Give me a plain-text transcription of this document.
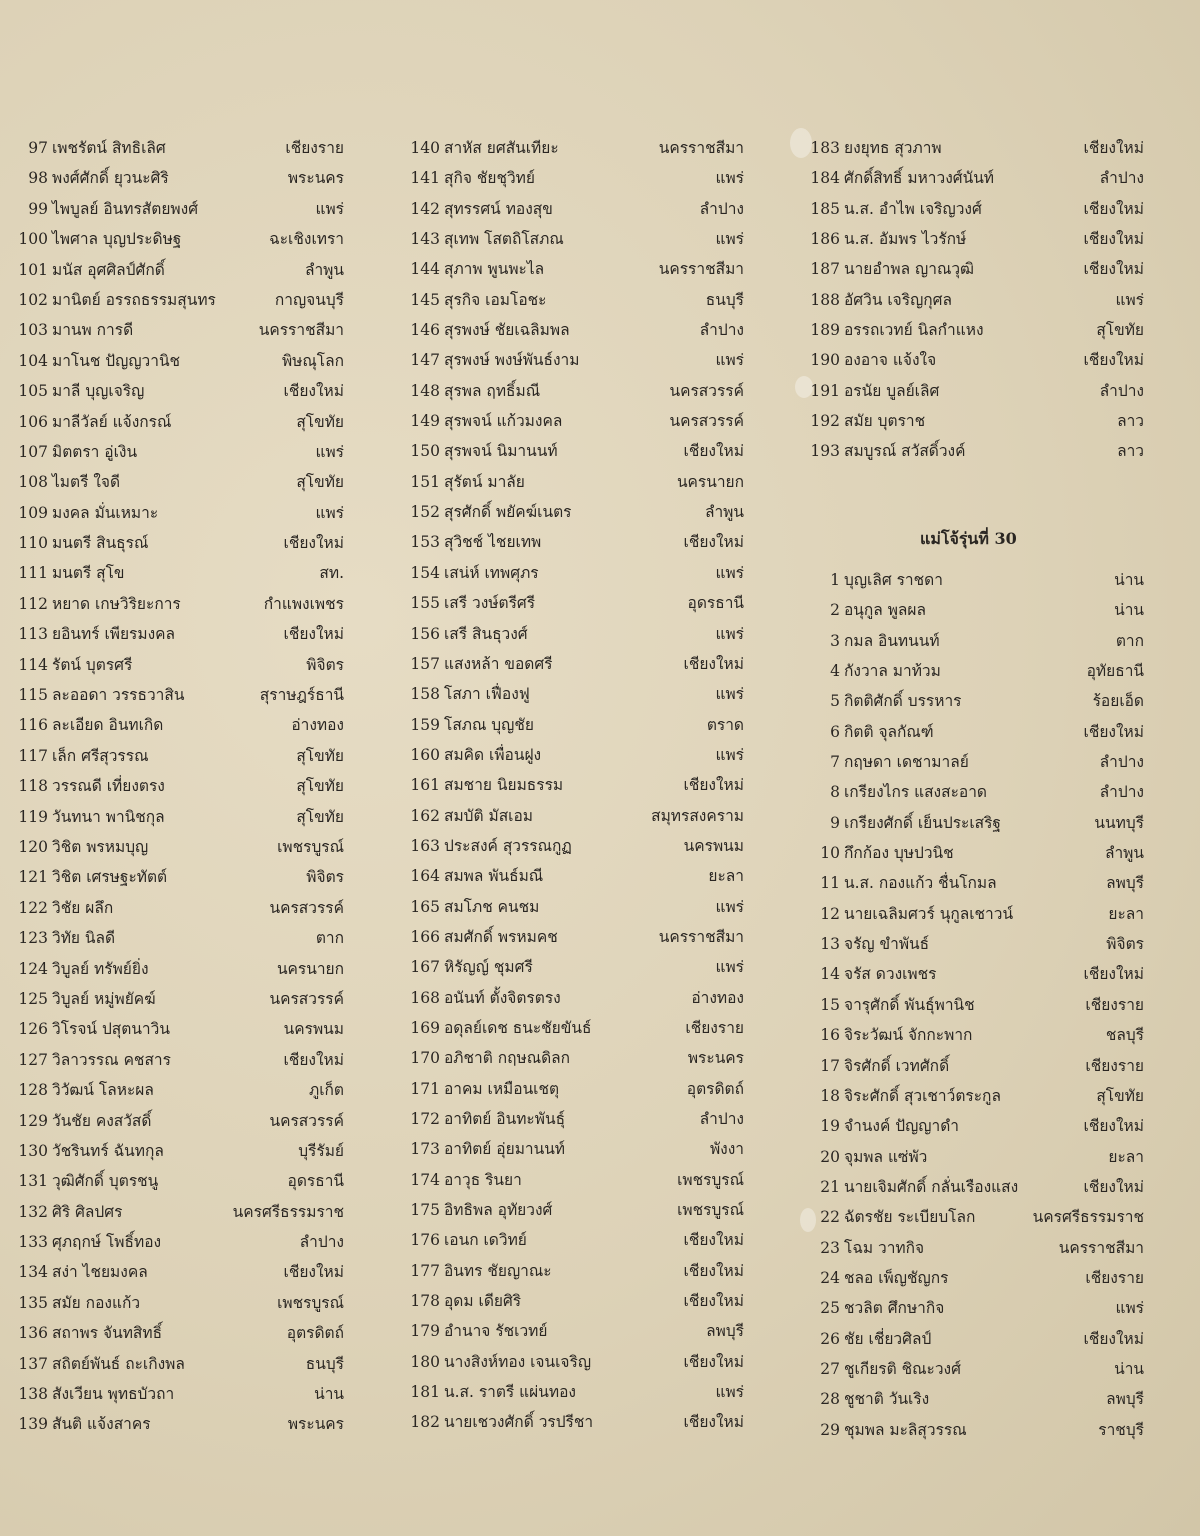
97 เพชรัตน์ สิทธิเลิศ	เชียงราย
98 พงศ์ศักดิ์ ยุวนะศิริ	พระนคร
99 ไพบูลย์ อินทรสัตยพงศ์	แพร่
100 ไพศาล บุญประดิษฐ	ฉะเชิงเทรา
101 มนัส อุศศิลป์ศักดิ์	ลำพูน
102 มานิตย์ อรรถธรรมสุนทร	กาญจนบุรี
103 มานพ การดี	นครราชสีมา
104 มาโนช ปัญญวานิช	พิษณุโลก
105 มาลี บุญเจริญ	เชียงใหม่
106 มาลีวัลย์ แจ้งกรณ์	สุโขทัย
107 มิตตรา อู่เงิน	แพร่
108 ไมตรี ใจดี	สุโขทัย
109 มงคล มั่นเหมาะ	แพร่
110 มนตรี สินธุรณ์	เชียงใหม่
111 มนตรี สุโข	สท.
112 หยาด เกษวิริยะการ	กำแพงเพชร
113 ยอินทร์ เพียรมงคล	เชียงใหม่
114 รัตน์ บุตรศรี	พิจิตร
115 ละออดา วรรธวาสิน	สุราษฎร์ธานี
116 ละเอียด อินทเกิด	อ่างทอง
117 เล็ก ศรีสุวรรณ	สุโขทัย
118 วรรณดี เที่ยงตรง	สุโขทัย
119 วันทนา พานิชกุล	สุโขทัย
120 วิชิต พรหมบุญ	เพชรบูรณ์
121 วิชิต เศรษฐะทัตต์	พิจิตร
122 วิชัย ผลึก	นครสวรรค์
123 วิทัย นิลดี	ตาก
124 วิบูลย์ ทรัพย์ยิ่ง	นครนายก
125 วิบูลย์ หมู่พยัคฆ์	นครสวรรค์
126 วิโรจน์ ปสุตนาวิน	นครพนม
127 วิลาวรรณ คชสาร	เชียงใหม่
128 วิวัฒน์ โลหะผล	ภูเก็ต
129 วันชัย คงสวัสดิ์	นครสวรรค์
130 วัชรินทร์ ฉันทกุล	บุรีรัมย์
131 วุฒิศักดิ์ บุตรชนู	อุดรธานี
132 ศิริ ศิลปศร	นครศรีธรรมราช
133 ศุภฤกษ์ โพธิ์ทอง	ลำปาง
134 สง่า ไชยมงคล	เชียงใหม่
135 สมัย กองแก้ว	เพชรบูรณ์
136 สถาพร จันทสิทธิ์	อุตรดิตถ์
137 สถิตย์พันธ์ ถะเกิงพล	ธนบุรี
138 สังเวียน พุทธบัวถา	น่าน
139 สันติ แจ้งสาคร	พระนคร
140 สาหัส ยศสันเทียะ	นครราชสีมา
141 สุกิจ ชัยชุวิทย์	แพร่
142 สุทรรศน์ ทองสุข	ลำปาง
143 สุเทพ โสตถิโสภณ	แพร่
144 สุภาพ พูนพะไล	นครราชสีมา
145 สุรกิจ เอมโอชะ	ธนบุรี
146 สุรพงษ์ ชัยเฉลิมพล	ลำปาง
147 สุรพงษ์ พงษ์พันธ์งาม	แพร่
148 สุรพล ฤทธิ์มณี	นครสวรรค์
149 สุรพจน์ แก้วมงคล	นครสวรรค์
150 สุรพจน์ นิมานนท์	เชียงใหม่
151 สุรัตน์ มาลัย	นครนายก
152 สุรศักดิ์ พยัคฆ์เนตร	ลำพูน
153 สุวิชช์ ไชยเทพ	เชียงใหม่
154 เสน่ห์ เทพศุภร	แพร่
155 เสรี วงษ์ตรีศรี	อุดรธานี
156 เสรี สินธุวงศ์	แพร่
157 แสงหล้า ขอดศรี	เชียงใหม่
158 โสภา เฟื่องฟู	แพร่
159 โสภณ บุญชัย	ตราด
160 สมคิด เพื่อนฝูง	แพร่
161 สมชาย นิยมธรรม	เชียงใหม่
162 สมบัติ มัสเอม	สมุทรสงคราม
163 ประสงค์ สุวรรณกูฏ	นครพนม
164 สมพล พันธ์มณี	ยะลา
165 สมโภช คนชม	แพร่
166 สมศักดิ์ พรหมคช	นครราชสีมา
167 หิรัญญ์ ชุมศรี	แพร่
168 อนันท์ ตั้งจิตรตรง	อ่างทอง
169 อดุลย์เดช ธนะชัยขันธ์	เชียงราย
170 อภิชาติ กฤษณดิลก	พระนคร
171 อาคม เหมือนเชตุ	อุตรดิตถ์
172 อาทิตย์ อินทะพันธุ์	ลำปาง
173 อาทิตย์ อุ่ยมานนท์	พังงา
174 อาวุธ รินยา	เพชรบูรณ์
175 อิทธิพล อุทัยวงศ์	เพชรบูรณ์
176 เอนก เดวิทย์	เชียงใหม่
177 อินทร ชัยญาณะ	เชียงใหม่
178 อุดม เดียศิริ	เชียงใหม่
179 อำนาจ รัชเวทย์	ลพบุรี
180 นางสิงห์ทอง เจนเจริญ	เชียงใหม่
181 น.ส. ราตรี แผ่นทอง	แพร่
182 นายเชวงศักดิ์ วรปรีชา	เชียงใหม่
183 ยงยุทธ สุวภาพ	เชียงใหม่
184 ศักดิ์สิทธิ์ มหาวงศ์นันท์	ลำปาง
185 น.ส. อำไพ เจริญวงศ์	เชียงใหม่
186 น.ส. อัมพร ไวรักษ์	เชียงใหม่
187 นายอำพล ญาณวุฒิ	เชียงใหม่
188 อัศวิน เจริญกุศล	แพร่
189 อรรถเวทย์ นิลกำแหง	สุโขทัย
190 องอาจ แจ้งใจ	เชียงใหม่
191 อรนัย บูลย์เลิศ	ลำปาง
192 สมัย บุตราช	ลาว
193 สมบูรณ์ สวัสดิ์วงค์	ลาว
แม่โจ้รุ่นที่ 30
1 บุญเลิศ ราชดา	น่าน
2 อนุกูล พูลผล	น่าน
3 กมล อินทนนท์	ตาก
4 กังวาล มาท้วม	อุทัยธานี
5 กิตติศักดิ์ บรรหาร	ร้อยเอ็ด
6 กิตติ จุลกัณฑ์	เชียงใหม่
7 กฤษดา เดชามาลย์	ลำปาง
8 เกรียงไกร แสงสะอาด	ลำปาง
9 เกรียงศักดิ์ เย็นประเสริฐ	นนทบุรี
10 กึกก้อง บุษปวนิช	ลำพูน
11 น.ส. กองแก้ว ชื่นโกมล	ลพบุรี
12 นายเฉลิมศวร์ นุกูลเชาวน์	ยะลา
13 จรัญ ขำพันธ์	พิจิตร
14 จรัส ดวงเพชร	เชียงใหม่
15 จารุศักดิ์ พันธุ์พานิช	เชียงราย
16 จิระวัฒน์ จักกะพาก	ชลบุรี
17 จิรศักดิ์ เวทศักดิ์	เชียงราย
18 จิระศักดิ์ สุวเชาว์ตระกูล	สุโขทัย
19 จำนงค์ ปัญญาดำ	เชียงใหม่
20 จุมพล แซ่พัว	ยะลา
21 นายเจิมศักดิ์ กลั่นเรืองแสง	เชียงใหม่
22 ฉัตรชัย ระเบียบโลก	นครศรีธรรมราช
23 โฉม วาทกิจ	นครราชสีมา
24 ชลอ เพ็ญชัญกร	เชียงราย
25 ชวลิต ศึกษากิจ	แพร่
26 ชัย เชี่ยวศิลป์	เชียงใหม่
27 ชูเกียรติ ชิณะวงศ์	น่าน
28 ชูชาติ วันเริง	ลพบุรี
29 ชุมพล มะลิสุวรรณ	ราชบุรี
